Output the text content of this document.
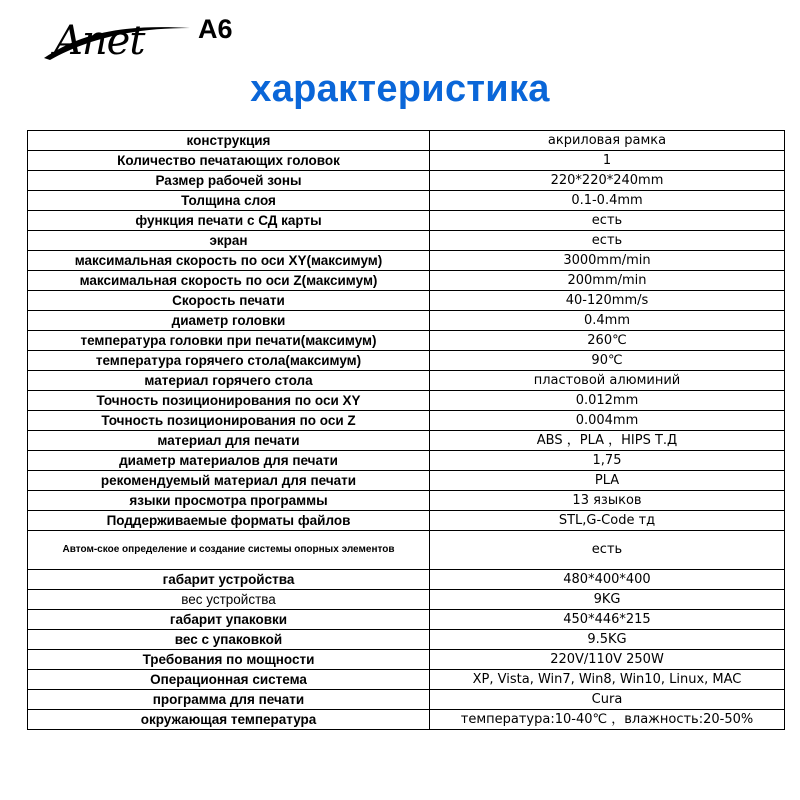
Anet A6
характеристика
конструкция	акриловая рамка
Количество печатающих головок	1
Размер рабочей зоны	220*220*240mm
Толщина слоя	0.1-0.4mm
функция печати с СД карты	есть
экран	есть
максимальная скорость по оси XY(максимум)	3000mm/min
максимальная скорость по оси Z(максимум)	200mm/min
Скорость печати	40-120mm/s
диаметр головки	0.4mm
температура головки при печати(максимум)	260℃
температура горячего стола(максимум)	90℃
материал горячего стола	пластовой алюминий
Точность позиционирования по оси XY	0.012mm
Точность позиционирования по оси Z	0.004mm
материал для печати	ABS ，PLA ，HIPS Т.Д
диаметр материалов для печати	1,75
рекомендуемый материал для печати	PLA
языки просмотра программы	13 языков
Поддерживаемые форматы файлов	STL,G-Code тд
Автом-ское определение и создание системы опорных элементов	есть
габарит устройства	480*400*400
вес устройства	9KG
габарит упаковки	450*446*215
вес с упаковкой	9.5KG
Требования по мощности	220V/110V 250W
Операционная система	XP, Vista, Win7, Win8, Win10, Linux, MAC
программа для печати	Cura
окружающая температура	температура:10-40℃ ，влажность:20-50%
